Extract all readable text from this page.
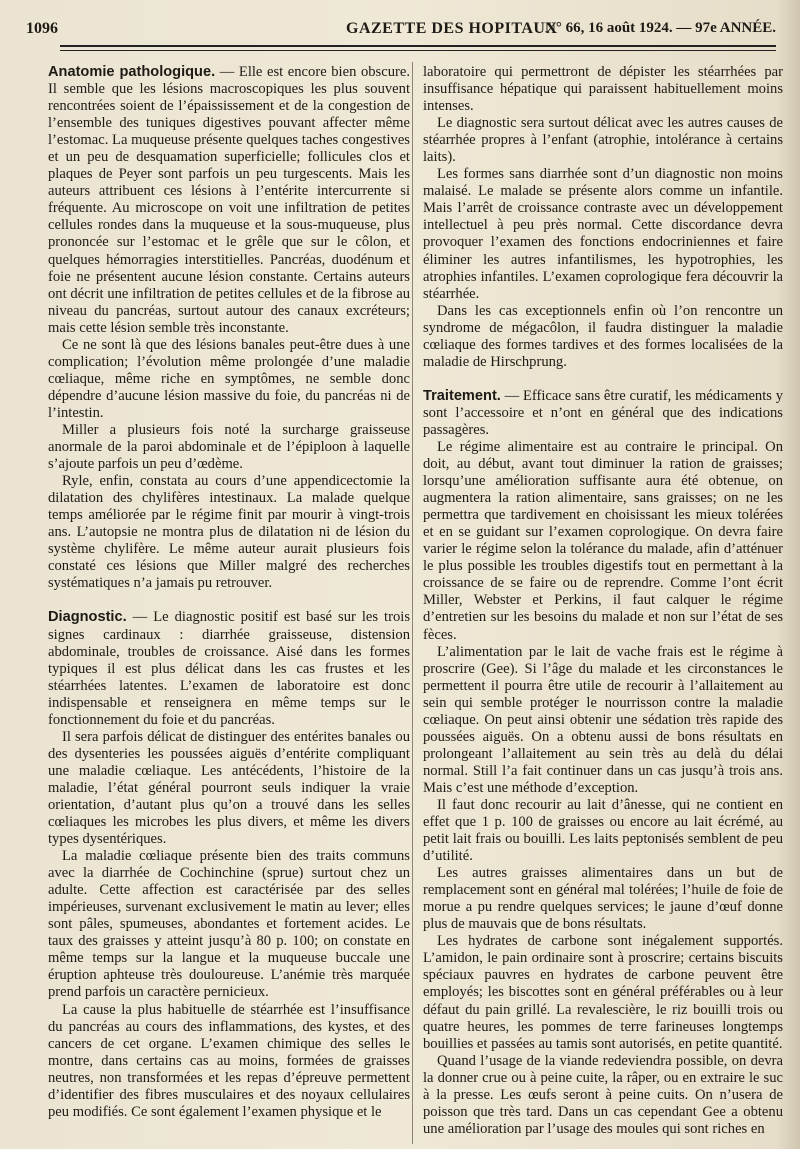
1096	GAZETTE DES HOPITAUX
N° 66, 16 août 1924. — 97e ANNÉE.

Anatomie pathologique. — Elle est encore bien obscure. Il semble que les lésions macroscopiques les plus souvent rencontrées soient de l’épaississement et de la congestion de l’ensemble des tuniques digestives pouvant affecter même l’estomac. La muqueuse présente quelques taches congestives et un peu de desquamation superficielle; follicules clos et plaques de Peyer sont parfois un peu turgescents. Mais les auteurs attribuent ces lésions à l’entérite intercurrente si fréquente. Au microscope on voit une infiltration de petites cellules rondes dans la muqueuse et la sous-muqueuse, plus prononcée sur l’estomac et le grêle que sur le côlon, et quelques hémorragies interstitielles. Pancréas, duodénum et foie ne présentent aucune lésion constante. Certains auteurs ont décrit une infiltration de petites cellules et de la fibrose au niveau du pancréas, surtout autour des canaux excréteurs; mais cette lésion semble très inconstante.

Ce ne sont là que des lésions banales peut-être dues à une complication; l’évolution même prolongée d’une maladie cœliaque, même riche en symptômes, ne semble donc dépendre d’aucune lésion massive du foie, du pancréas ni de l’intestin.

Miller a plusieurs fois noté la surcharge graisseuse anormale de la paroi abdominale et de l’épiploon à laquelle s’ajoute parfois un peu d’œdème.

Ryle, enfin, constata au cours d’une appendicectomie la dilatation des chylifères intestinaux. La malade quelque temps améliorée par le régime finit par mourir à vingt-trois ans. L’autopsie ne montra plus de dilatation ni de lésion du système chylifère. Le même auteur aurait plusieurs fois constaté ces lésions que Miller malgré des recherches systématiques n’a jamais pu retrouver.

Diagnostic. — Le diagnostic positif est basé sur les trois signes cardinaux : diarrhée graisseuse, distension abdominale, troubles de croissance. Aisé dans les formes typiques il est plus délicat dans les cas frustes et les stéarrhées latentes. L’examen de laboratoire est donc indispensable et renseignera en même temps sur le fonctionnement du foie et du pancréas.

Il sera parfois délicat de distinguer des entérites banales ou des dysenteries les poussées aiguës d’entérite compliquant une maladie cœliaque. Les antécédents, l’histoire de la maladie, l’état général pourront seuls indiquer la vraie orientation, d’autant plus qu’on a trouvé dans les selles cœliaques les microbes les plus divers, et même les divers types dysentériques.

La maladie cœliaque présente bien des traits communs avec la diarrhée de Cochinchine (sprue) surtout chez un adulte. Cette affection est caractérisée par des selles impérieuses, survenant exclusivement le matin au lever; elles sont pâles, spumeuses, abondantes et fortement acides. Le taux des graisses y atteint jusqu’à 80 p. 100; on constate en même temps sur la langue et la muqueuse buccale une éruption aphteuse très douloureuse. L’anémie très marquée prend parfois un caractère pernicieux.

La cause la plus habituelle de stéarrhée est l’insuffisance du pancréas au cours des inflammations, des kystes, et des cancers de cet organe. L’examen chimique des selles le montre, dans certains cas au moins, formées de graisses neutres, non transformées et les repas d’épreuve permettent d’identifier des fibres musculaires et des noyaux cellulaires peu modifiés. Ce sont également l’examen physique et le

laboratoire qui permettront de dépister les stéarrhées par insuffisance hépatique qui paraissent habituellement moins intenses.

Le diagnostic sera surtout délicat avec les autres causes de stéarrhée propres à l’enfant (atrophie, intolérance à certains laits).

Les formes sans diarrhée sont d’un diagnostic non moins malaisé. Le malade se présente alors comme un infantile. Mais l’arrêt de croissance contraste avec un développement intellectuel à peu près normal. Cette discordance devra provoquer l’examen des fonctions endocriniennes et faire éliminer les autres infantilismes, les hypotrophies, les atrophies infantiles. L’examen coprologique fera découvrir la stéarrhée.

Dans les cas exceptionnels enfin où l’on rencontre un syndrome de mégacôlon, il faudra distinguer la maladie cœliaque des formes tardives et des formes localisées de la maladie de Hirschprung.

Traitement. — Efficace sans être curatif, les médicaments y sont l’accessoire et n’ont en général que des indications passagères.

Le régime alimentaire est au contraire le principal. On doit, au début, avant tout diminuer la ration de graisses; lorsqu’une amélioration suffisante aura été obtenue, on augmentera la ration alimentaire, sans graisses; on ne les permettra que tardivement en choisissant les mieux tolérées et en se guidant sur l’examen coprologique. On devra faire varier le régime selon la tolérance du malade, afin d’atténuer le plus possible les troubles digestifs tout en permettant à la croissance de se faire ou de reprendre. Comme l’ont écrit Miller, Webster et Perkins, il faut calquer le régime d’entretien sur les besoins du malade et non sur l’état de ses fèces.

L’alimentation par le lait de vache frais est le régime à proscrire (Gee). Si l’âge du malade et les circonstances le permettent il pourra être utile de recourir à l’allaitement au sein qui semble protéger le nourrisson contre la maladie cœliaque. On peut ainsi obtenir une sédation très rapide des poussées aiguës. On a obtenu aussi de bons résultats en prolongeant l’allaitement au sein très au delà du délai normal. Still l’a fait continuer dans un cas jusqu’à trois ans. Mais c’est une méthode d’exception.

Il faut donc recourir au lait d’ânesse, qui ne contient en effet que 1 p. 100 de graisses ou encore au lait écrémé, au petit lait frais ou bouilli. Les laits peptonisés semblent de peu d’utilité.

Les autres graisses alimentaires dans un but de remplacement sont en général mal tolérées; l’huile de foie de morue a pu rendre quelques services; le jaune d’œuf donne plus de mauvais que de bons résultats.

Les hydrates de carbone sont inégalement supportés. L’amidon, le pain ordinaire sont à proscrire; certains biscuits spéciaux pauvres en hydrates de carbone peuvent être employés; les biscottes sont en général préférables ou à leur défaut du pain grillé. La revalescière, le riz bouilli trois ou quatre heures, les pommes de terre farineuses longtemps bouillies et passées au tamis sont autorisés, en petite quantité.

Quand l’usage de la viande redeviendra possible, on devra la donner crue ou à peine cuite, la râper, ou en extraire le suc à la presse. Les œufs seront à peine cuits. On n’usera de poisson que très tard. Dans un cas cependant Gee a obtenu une amélioration par l’usage des moules qui sont riches en
